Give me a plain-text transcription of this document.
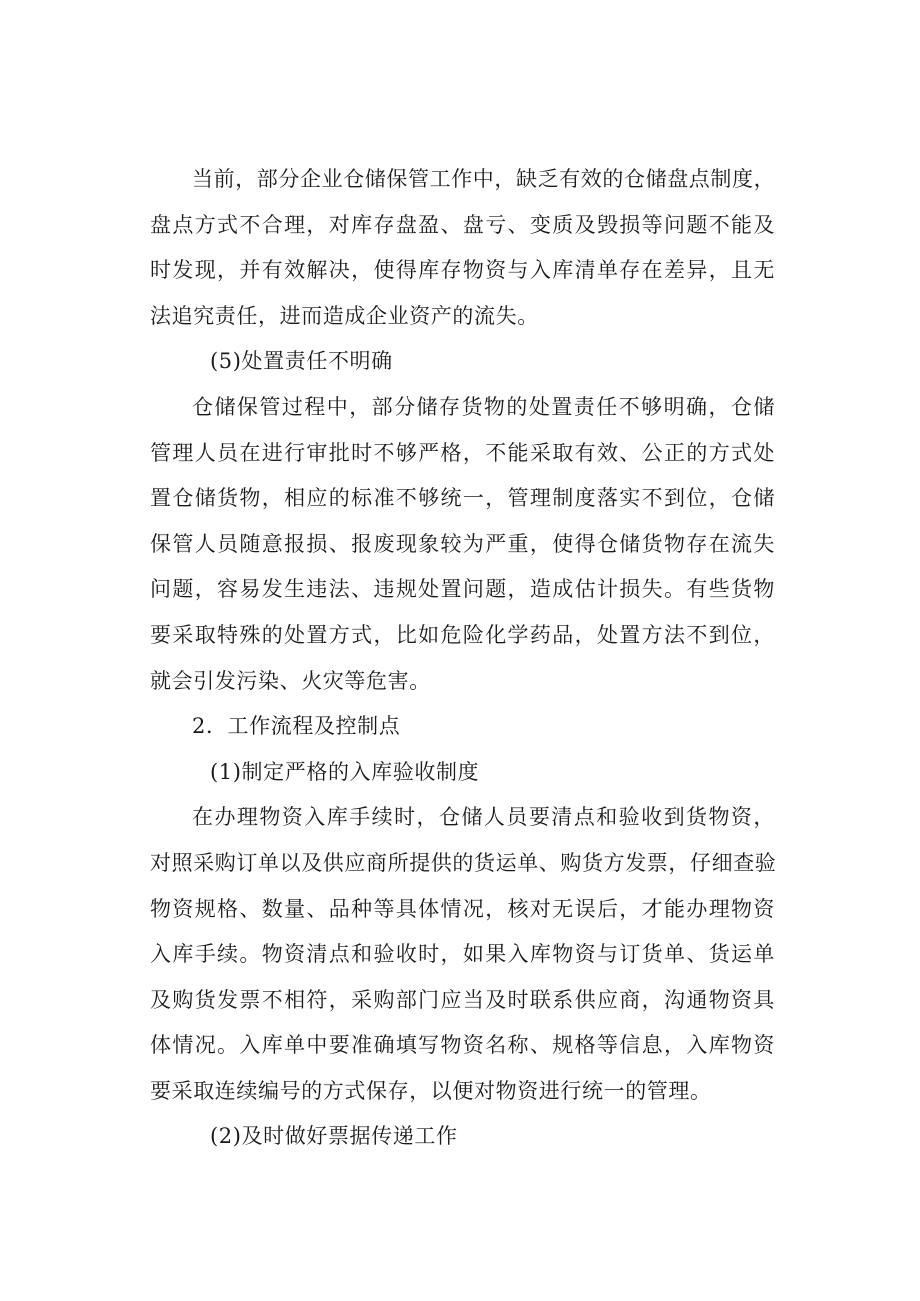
当前，部分企业仓储保管工作中，缺乏有效的仓储盘点制度，
盘点方式不合理，对库存盘盈、盘亏、变质及毁损等问题不能及
时发现，并有效解决，使得库存物资与入库清单存在差异，且无
法追究责任，进而造成企业资产的流失。
(5)处置责任不明确
仓储保管过程中，部分储存货物的处置责任不够明确，仓储
管理人员在进行审批时不够严格，不能采取有效、公正的方式处
置仓储货物，相应的标准不够统一，管理制度落实不到位，仓储
保管人员随意报损、报废现象较为严重，使得仓储货物存在流失
问题，容易发生违法、违规处置问题，造成估计损失。有些货物
要采取特殊的处置方式，比如危险化学药品，处置方法不到位，
就会引发污染、火灾等危害。
2．工作流程及控制点
(1)制定严格的入库验收制度
在办理物资入库手续时，仓储人员要清点和验收到货物资，
对照采购订单以及供应商所提供的货运单、购货方发票，仔细查验
物资规格、数量、品种等具体情况，核对无误后，才能办理物资
入库手续。物资清点和验收时，如果入库物资与订货单、货运单
及购货发票不相符，采购部门应当及时联系供应商，沟通物资具
体情况。入库单中要准确填写物资名称、规格等信息，入库物资
要采取连续编号的方式保存，以便对物资进行统一的管理。
(2)及时做好票据传递工作
